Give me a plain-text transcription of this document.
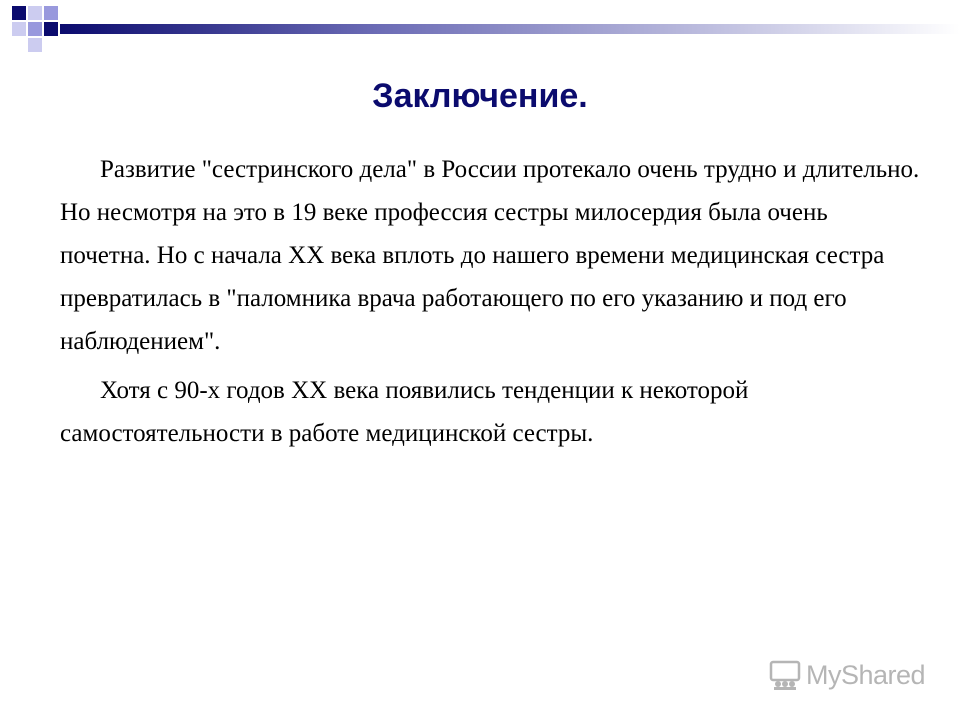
Заключение.

Развитие "сестринского дела" в России протекало очень трудно и длительно. Но несмотря на это в 19 веке профессия сестры милосердия была очень почетна. Но с начала ХХ века вплоть до нашего времени медицинская сестра превратилась в "паломника врача работающего по его указанию и под его наблюдением".

Хотя с 90-х годов ХХ века появились тенденции к некоторой самостоятельности в работе медицинской сестры.

MyShared
